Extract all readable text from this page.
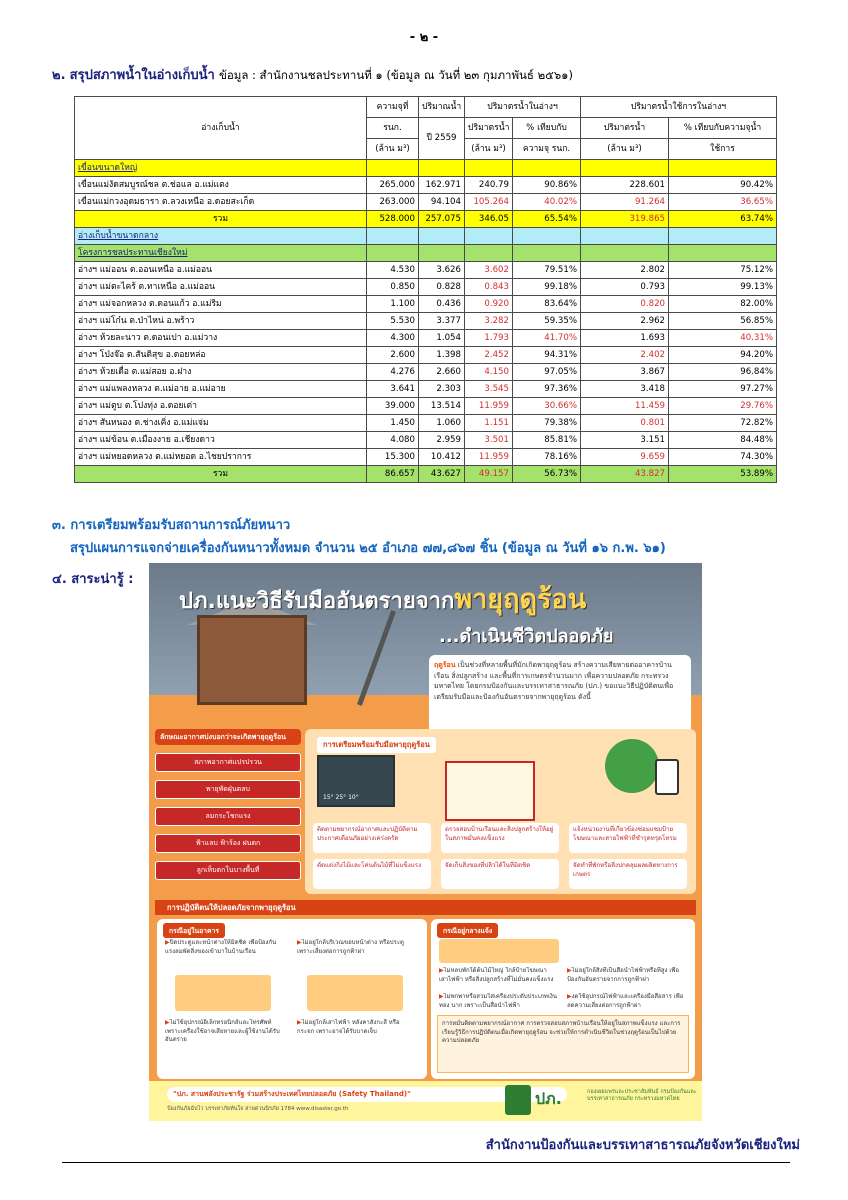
- ๒ -
๒. สรุปสภาพน้ำในอ่างเก็บน้ำ ข้อมูล : สำนักงานชลประทานที่ ๑ (ข้อมูล ณ วันที่ ๒๓ กุมภาพันธ์ ๒๕๖๑)
อ่างเก็บน้ำ	ความจุที่	ปริมาณน้ำ	ปริมาตรน้ำในอ่างฯ		ปริมาตรน้ำใช้การในอ่างฯ	
	รนก.	ปี 2559	ปริมาตรน้ำ	% เทียบกับ	ปริมาตรน้ำ	% เทียบกับความจุน้ำ
	(ล้าน ม³)		(ล้าน ม³)	ความจุ รนก.	(ล้าน ม³)	ใช้การ
เขื่อนขนาดใหญ่						
เขื่อนแม่งัดสมบูรณ์ชล ต.ช่อแล อ.แม่แตง	265.000	162.971	240.79	90.86%	228.601	90.42%
เขื่อนแม่กวงอุดมธารา ต.ลวงเหนือ อ.ดอยสะเก็ด	263.000	94.104	105.264	40.02%	91.264	36.65%
รวม	528.000	257.075	346.05	65.54%	319.865	63.74%
อ่างเก็บน้ำขนาดกลาง						
โครงการชลประทานเชียงใหม่						
อ่างฯ แม่ออน ต.ออนเหนือ อ.แม่ออน	4.530	3.626	3.602	79.51%	2.802	75.12%
อ่างฯ แม่ตะไคร้ ต.ทาเหนือ อ.แม่ออน	0.850	0.828	0.843	99.18%	0.793	99.13%
อ่างฯ แม่จอกหลวง ต.ดอนแก้ว อ.แม่ริม	1.100	0.436	0.920	83.64%	0.820	82.00%
อ่างฯ แม่โก๋น ต.ป่าไหน่ อ.พร้าว	5.530	3.377	3.282	59.35%	2.962	56.85%
อ่างฯ ห้วยละนาว ต.ดอนเปา อ.แม่วาง	4.300	1.054	1.793	41.70%	1.693	40.31%
อ่างฯ โป่งจ๊อ ต.สันติสุข อ.ดอยหล่อ	2.600	1.398	2.452	94.31%	2.402	94.20%
อ่างฯ ห้วยเดื่อ ต.แม่สอย อ.ฝาง	4.276	2.660	4.150	97.05%	3.867	96.84%
อ่างฯ แม่แพลงหลวง ต.แม่อาย อ.แม่อาย	3.641	2.303	3.545	97.36%	3.418	97.27%
อ่างฯ แม่ตูบ ต.โปงทุ่ง อ.ดอยเต่า	39.000	13.514	11.959	30.66%	11.459	29.76%
อ่างฯ สันหนอง ต.ช่างเคิ่ง อ.แม่แจ่ม	1.450	1.060	1.151	79.38%	0.801	72.82%
อ่างฯ แม่ข้อน ต.เมืองงาย อ.เชียงดาว	4.080	2.959	3.501	85.81%	3.151	84.48%
อ่างฯ แม่หยอดหลวง ต.แม่หยอด อ.ไชยปราการ	15.300	10.412	11.959	78.16%	9.659	74.30%
รวม	86.657	43.627	49.157	56.73%	43.827	53.89%
๓. การเตรียมพร้อมรับสถานการณ์ภัยหนาว
สรุปแผนการแจกจ่ายเครื่องกันหนาวทั้งหมด จำนวน ๒๕ อำเภอ ๗๗,๘๖๗ ชิ้น (ข้อมูล ณ วันที่ ๑๖ ก.พ. ๖๑)
๔. สาระน่ารู้ :
ปภ.แนะวิธีรับมืออันตรายจากพายุฤดูร้อน
...ดำเนินชีวิตปลอดภัย
ฤดูร้อน เป็นช่วงที่หลายพื้นที่มักเกิดพายุฤดูร้อน สร้างความเสียหายต่ออาคารบ้านเรือน สิ่งปลูกสร้าง และพื้นที่การเกษตรจำนวนมาก เพื่อความปลอดภัย กระทรวงมหาดไทย โดยกรมป้องกันและบรรเทาสาธารณภัย (ปภ.) ขอแนะวิธีปฏิบัติตนเพื่อเตรียมรับมือและป้องกันอันตรายจากพายุฤดูร้อน ดังนี้
ลักษณะอากาศบ่งบอกว่าจะเกิดพายุฤดูร้อน
สภาพอากาศแปรปรวน
พายุพัดฝุ่นตลบ
ลมกระโชกแรง
ฟ้าแลบ ฟ้าร้อง ฝนตก
ลูกเห็บตกในบางพื้นที่
การเตรียมพร้อมรับมือพายุฤดูร้อน
15° 25° 10°
ติดตามพยากรณ์อากาศและปฏิบัติตามประกาศเตือนภัยอย่างเคร่งครัด
ตรวจสอบบ้านเรือนและสิ่งปลูกสร้างให้อยู่ในสภาพมั่นคงแข็งแรง
แจ้งหน่วยงานที่เกี่ยวข้องซ่อมแซมป้ายโฆษณาและสายไฟฟ้าที่ชำรุดทรุดโทรม
ตัดแต่งกิ่งไม้และโค่นต้นไม้ที่ไม่แข็งแรง	จัดเก็บสิ่งของที่ปลิวได้ในที่มิดชิด	จัดทำที่พักหรือสิ่งปกคลุมผลผลิตทางการเกษตร
การปฏิบัติตนให้ปลอดภัยจากพายุฤดูร้อน
กรณีอยู่ในอาคาร
▶ ปิดประตูและหน้าต่างให้มิดชิด เพื่อป้องกันแรงลมพัดสิ่งของเข้ามาในบ้านเรือน
▶ ไม่อยู่ใกล้บริเวณขอบหน้าต่าง หรือประตู เพราะเสี่ยงต่อการถูกฟ้าผ่า
▶ ไม่ใช้อุปกรณ์อิเล็กทรอนิกส์และโทรศัพท์ เพราะเครื่องใช้อาจเสียหายและผู้ใช้งานได้รับอันตราย
▶ ไม่อยู่ใกล้เสาไฟฟ้า หลังคาสังกะสี หรือกระจก เพราะอาจได้รับบาดเจ็บ
กรณีอยู่กลางแจ้ง
▶ ไม่หลบพักใต้ต้นไม้ใหญ่ ใกล้ป้ายโฆษณา เสาไฟฟ้า หรือสิ่งปลูกสร้างที่ไม่มั่นคงแข็งแรง
▶ ไม่อยู่ใกล้สิ่งที่เป็นสื่อนำไฟฟ้าหรือที่สูง เพื่อป้องกันอันตรายจากการถูกฟ้าผ่า
▶ ไม่พกพาหรือสวมใส่เครื่องประดับประเภทเงิน ทอง นาก เพราะเป็นสื่อนำไฟฟ้า
▶ งดใช้อุปกรณ์ไฟฟ้าและเครื่องมือสื่อสาร เพื่อลดความเสี่ยงต่อการถูกฟ้าผ่า
การหมั่นติดตามพยากรณ์อากาศ การตรวจสอบสภาพบ้านเรือนให้อยู่ในสภาพแข็งแรง และการเรียนรู้วิธีการปฏิบัติตนเมื่อเกิดพายุฤดูร้อน จะช่วยให้การดำเนินชีวิตในช่วงฤดูร้อนเป็นไปด้วยความปลอดภัย
"ปภ. สานพลังประชารัฐ ร่วมสร้างประเทศไทยปลอดภัย (Safety Thailand)"
ป้องกันภัยฉับไว บรรเทาภัยทันใจ สายด่วนนิรภัย 1784 www.disaster.go.th
ปภ.	กองเผยแพร่และประชาสัมพันธ์ กรมป้องกันและบรรเทาสาธารณภัย กระทรวงมหาดไทย
สำนักงานป้องกันและบรรเทาสาธารณภัยจังหวัดเชียงใหม่
